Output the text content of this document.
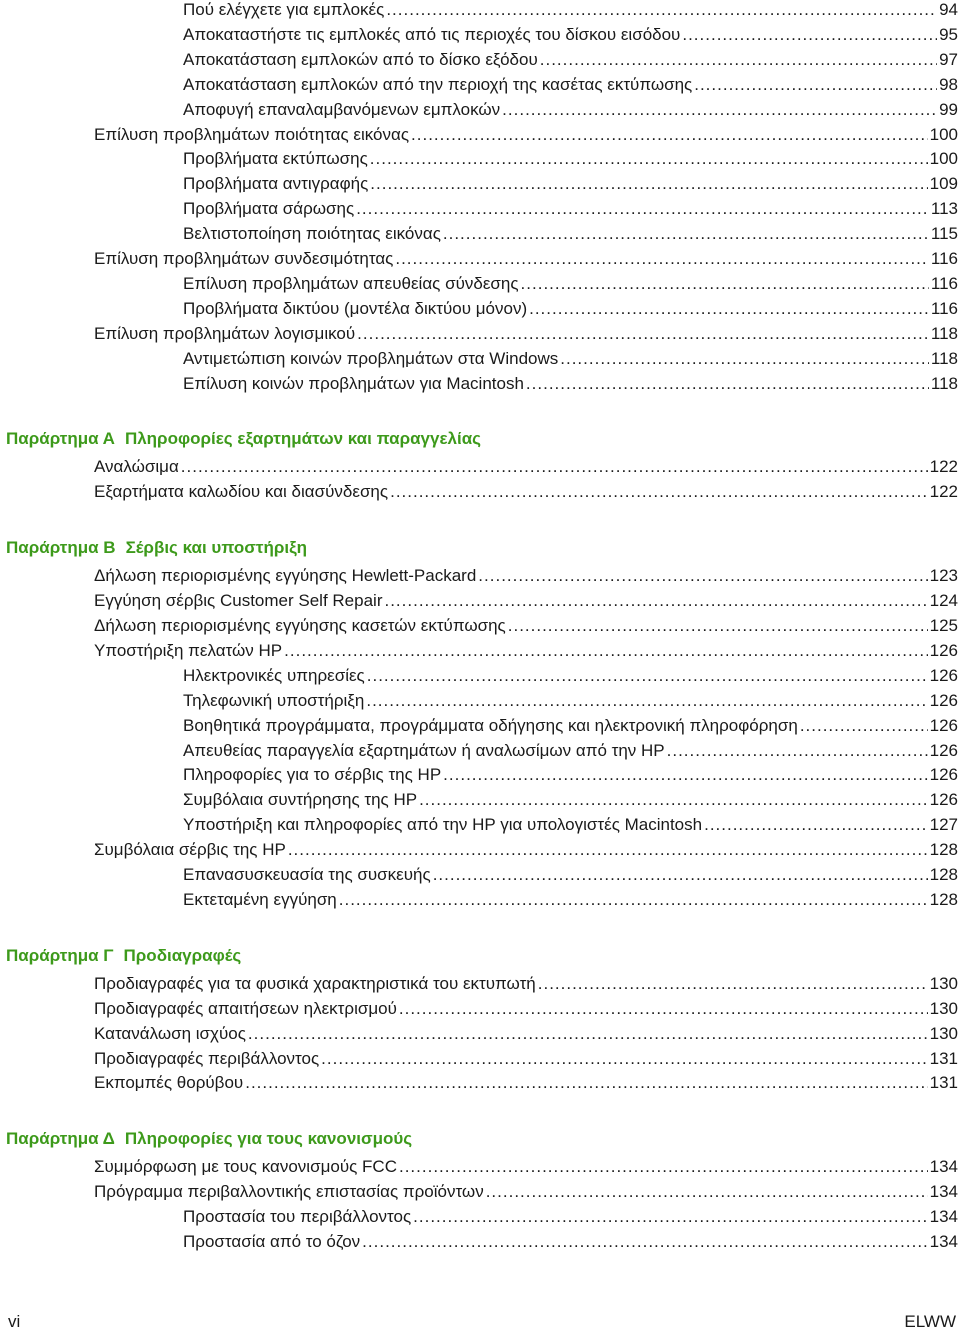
Πού ελέγχετε για εμπλοκές .....	94
Αποκαταστήστε τις εμπλοκές από τις περιοχές του δίσκου εισόδου .....	95
Αποκατάσταση εμπλοκών από το δίσκο εξόδου .....	97
Αποκατάσταση εμπλοκών από την περιοχή της κασέτας εκτύπωσης .....	98
Αποφυγή επαναλαμβανόμενων εμπλοκών .....	99
Επίλυση προβλημάτων ποιότητας εικόνας .....	100
Προβλήματα εκτύπωσης .....	100
Προβλήματα αντιγραφής .....	109
Προβλήματα σάρωσης .....	113
Βελτιστοποίηση ποιότητας εικόνας .....	115
Επίλυση προβλημάτων συνδεσιμότητας .....	116
Επίλυση προβλημάτων απευθείας σύνδεσης .....	116
Προβλήματα δικτύου (μοντέλα δικτύου μόνον) .....	116
Επίλυση προβλημάτων λογισμικού .....	118
Αντιμετώπιση κοινών προβλημάτων στα Windows .....	118
Επίλυση κοινών προβλημάτων για Macintosh .....	118
Παράρτημα Α Πληροφορίες εξαρτημάτων και παραγγελίας
Αναλώσιμα .....	122
Εξαρτήματα καλωδίου και διασύνδεσης .....	122
Παράρτημα Β Σέρβις και υποστήριξη
Δήλωση περιορισμένης εγγύησης Hewlett-Packard .....	123
Εγγύηση σέρβις Customer Self Repair .....	124
Δήλωση περιορισμένης εγγύησης κασετών εκτύπωσης .....	125
Υποστήριξη πελατών HP .....	126
Ηλεκτρονικές υπηρεσίες .....	126
Τηλεφωνική υποστήριξη .....	126
Βοηθητικά προγράμματα, προγράμματα οδήγησης και ηλεκτρονική πληροφόρηση .....	126
Απευθείας παραγγελία εξαρτημάτων ή αναλωσίμων από την HP .....	126
Πληροφορίες για το σέρβις της HP .....	126
Συμβόλαια συντήρησης της HP .....	126
Υποστήριξη και πληροφορίες από την HP για υπολογιστές Macintosh .....	127
Συμβόλαια σέρβις της HP .....	128
Επανασυσκευασία της συσκευής .....	128
Εκτεταμένη εγγύηση .....	128
Παράρτημα Γ Προδιαγραφές
Προδιαγραφές για τα φυσικά χαρακτηριστικά του εκτυπωτή .....	130
Προδιαγραφές απαιτήσεων ηλεκτρισμού .....	130
Κατανάλωση ισχύος .....	130
Προδιαγραφές περιβάλλοντος .....	131
Εκπομπές θορύβου .....	131
Παράρτημα Δ Πληροφορίες για τους κανονισμούς
Συμμόρφωση με τους κανονισμούς FCC .....	134
Πρόγραμμα περιβαλλοντικής επιστασίας προϊόντων .....	134
Προστασία του περιβάλλοντος .....	134
Προστασία από το όζον .....	134
vi	ELWW
